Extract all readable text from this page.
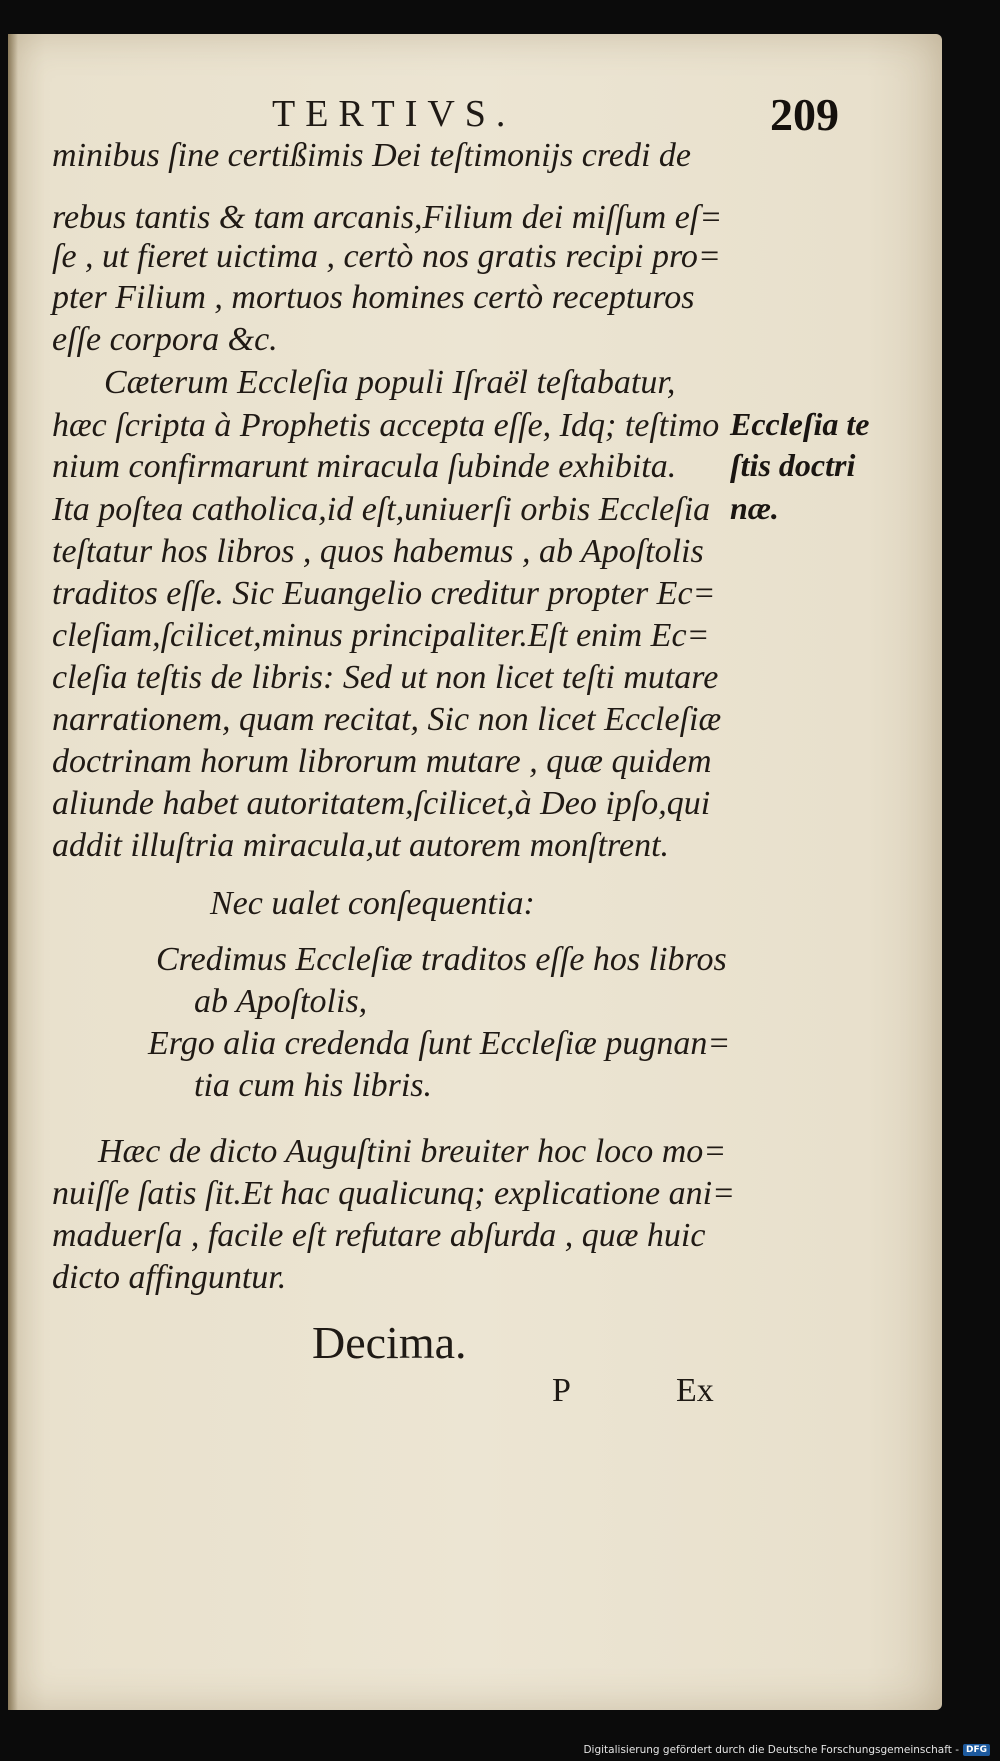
TERTIVS.	209
minibus ſine certißimis Dei teſtimonijs credi de
rebus tantis & tam arcanis,Filium dei miſſum eſ=
ſe , ut fieret uictima , certò nos gratis recipi pro=
pter Filium , mortuos homines certò recepturos
eſſe corpora &c.
Cæterum Eccleſia populi Iſraël teſtabatur,
hæc ſcripta à Prophetis accepta eſſe, Idq; teſtimo
nium confirmarunt miracula ſubinde exhibita.
Ita poſtea catholica,id eſt,uniuerſi orbis Eccleſia
teſtatur hos libros , quos habemus , ab Apoſtolis
traditos eſſe. Sic Euangelio creditur propter Ec=
cleſiam,ſcilicet,minus principaliter.Eſt enim Ec=
cleſia teſtis de libris: Sed ut non licet teſti mutare
narrationem, quam recitat, Sic non licet Eccleſiæ
doctrinam horum librorum mutare , quæ quidem
aliunde habet autoritatem,ſcilicet,à Deo ipſo,qui
addit illuſtria miracula,ut autorem monſtrent.
Eccleſia te
ſtis doctri
næ.
Nec ualet conſequentia:
Credimus Eccleſiæ traditos eſſe hos libros
ab Apoſtolis,
Ergo alia credenda ſunt Eccleſiæ pugnan=
tia cum his libris.
Hæc de dicto Auguſtini breuiter hoc loco mo=
nuiſſe ſatis ſit.Et hac qualicunq; explicatione ani=
maduerſa , facile eſt refutare abſurda , quæ huic
dicto affinguntur.
Decima.
P	Ex
Digitalisierung gefördert durch die Deutsche Forschungsgemeinschaft - DFG
